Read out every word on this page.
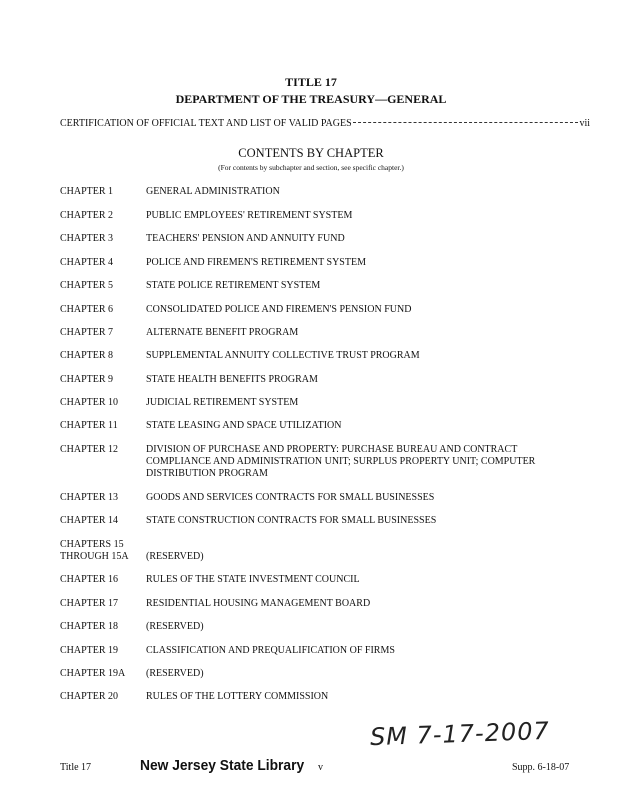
TITLE 17
DEPARTMENT OF THE TREASURY—GENERAL
CERTIFICATION OF OFFICIAL TEXT AND LIST OF VALID PAGES	vii
CONTENTS BY CHAPTER
(For contents by subchapter and section, see specific chapter.)
CHAPTER 1	GENERAL ADMINISTRATION
CHAPTER 2	PUBLIC EMPLOYEES' RETIREMENT SYSTEM
CHAPTER 3	TEACHERS' PENSION AND ANNUITY FUND
CHAPTER 4	POLICE AND FIREMEN'S RETIREMENT SYSTEM
CHAPTER 5	STATE POLICE RETIREMENT SYSTEM
CHAPTER 6	CONSOLIDATED POLICE AND FIREMEN'S PENSION FUND
CHAPTER 7	ALTERNATE BENEFIT PROGRAM
CHAPTER 8	SUPPLEMENTAL ANNUITY COLLECTIVE TRUST PROGRAM
CHAPTER 9	STATE HEALTH BENEFITS PROGRAM
CHAPTER 10	JUDICIAL RETIREMENT SYSTEM
CHAPTER 11	STATE LEASING AND SPACE UTILIZATION
CHAPTER 12	DIVISION OF PURCHASE AND PROPERTY: PURCHASE BUREAU AND CONTRACT COMPLIANCE AND ADMINISTRATION UNIT; SURPLUS PROPERTY UNIT; COMPUTER DISTRIBUTION PROGRAM
CHAPTER 13	GOODS AND SERVICES CONTRACTS FOR SMALL BUSINESSES
CHAPTER 14	STATE CONSTRUCTION CONTRACTS FOR SMALL BUSINESSES
CHAPTERS 15 THROUGH 15A (RESERVED)
CHAPTER 16	RULES OF THE STATE INVESTMENT COUNCIL
CHAPTER 17	RESIDENTIAL HOUSING MANAGEMENT BOARD
CHAPTER 18	(RESERVED)
CHAPTER 19	CLASSIFICATION AND PREQUALIFICATION OF FIRMS
CHAPTER 19A	(RESERVED)
CHAPTER 20	RULES OF THE LOTTERY COMMISSION
SM 7-17-2007
Title 17	New Jersey State Library v	Supp. 6-18-07
